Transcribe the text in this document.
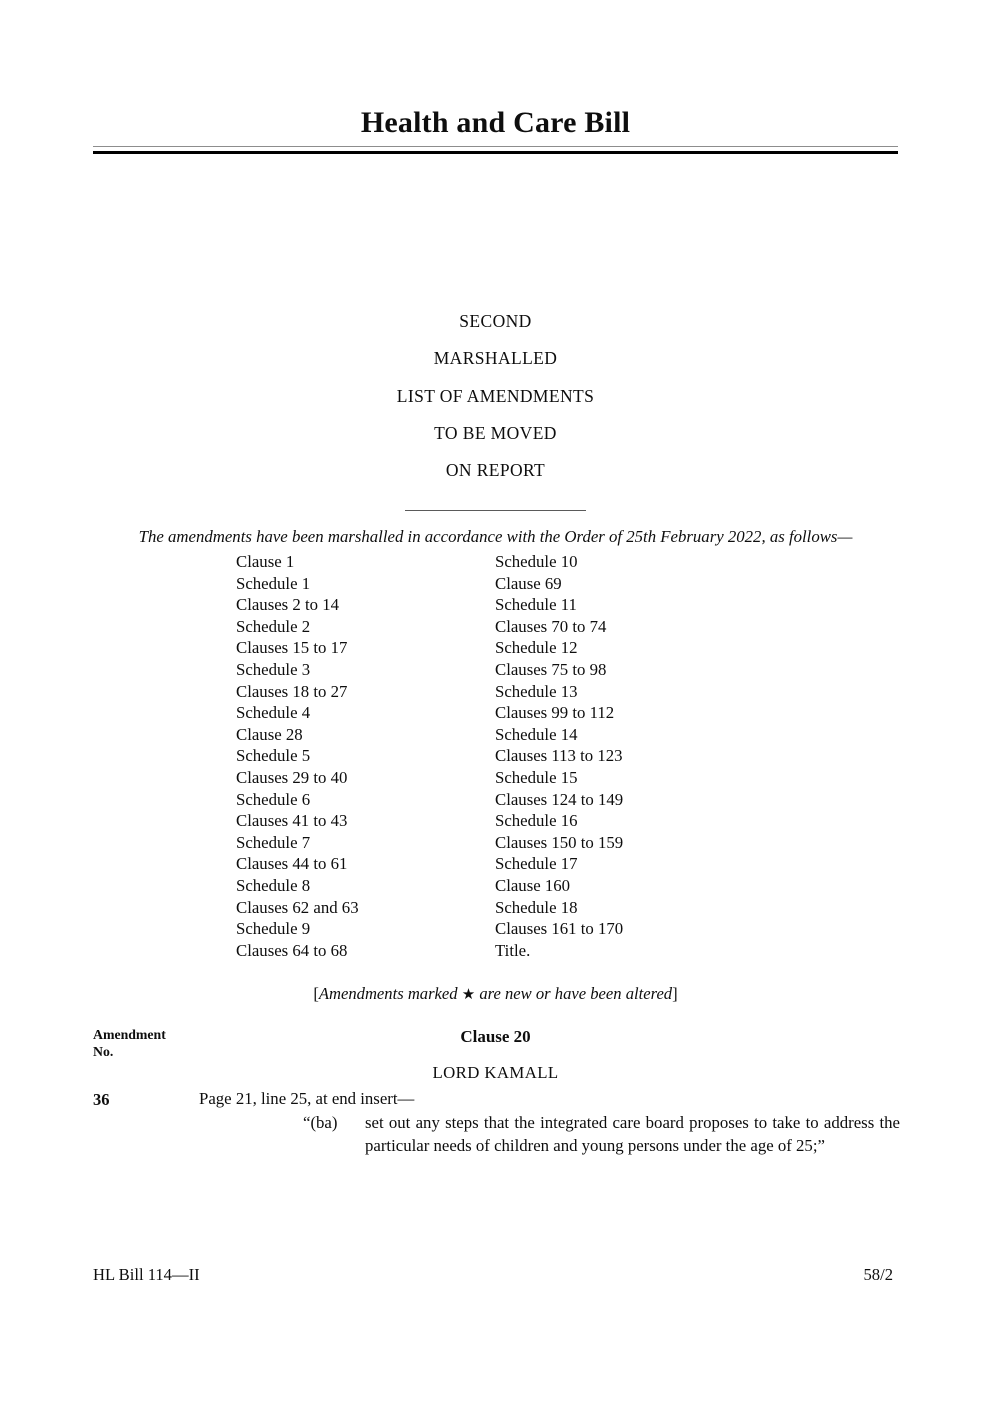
Health and Care Bill
SECOND
MARSHALLED
LIST OF AMENDMENTS
TO BE MOVED
ON REPORT
The amendments have been marshalled in accordance with the Order of 25th February 2022, as follows—
Clause 1
Schedule 1
Clauses 2 to 14
Schedule 2
Clauses 15 to 17
Schedule 3
Clauses 18 to 27
Schedule 4
Clause 28
Schedule 5
Clauses 29 to 40
Schedule 6
Clauses 41 to 43
Schedule 7
Clauses 44 to 61
Schedule 8
Clauses 62 and 63
Schedule 9
Clauses 64 to 68
Schedule 10
Clause 69
Schedule 11
Clauses 70 to 74
Schedule 12
Clauses 75 to 98
Schedule 13
Clauses 99 to 112
Schedule 14
Clauses 113 to 123
Schedule 15
Clauses 124 to 149
Schedule 16
Clauses 150 to 159
Schedule 17
Clause 160
Schedule 18
Clauses 161 to 170
Title.
[Amendments marked ★ are new or have been altered]
Amendment
No.
Clause 20
LORD KAMALL
36	Page 21, line 25, at end insert—
“(ba)	set out any steps that the integrated care board proposes to take to address the particular needs of children and young persons under the age of 25;”
HL Bill 114—II	58/2
